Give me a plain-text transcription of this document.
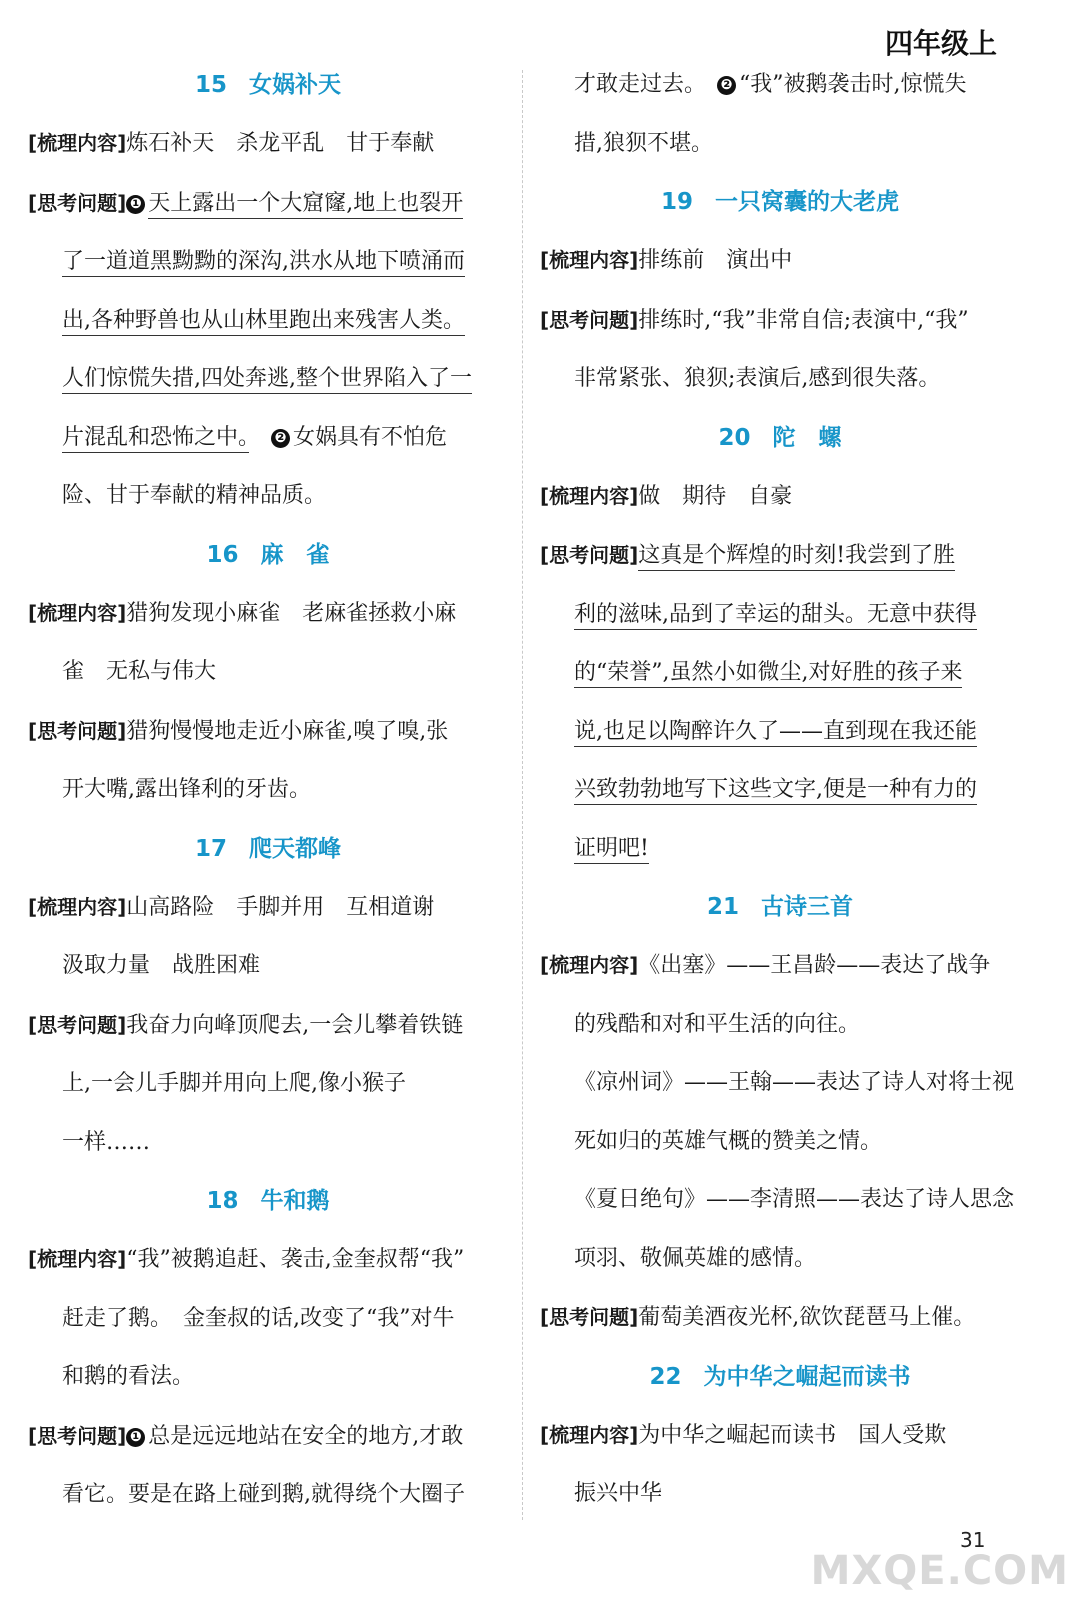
四年级上
15 女娲补天
[梳理内容]炼石补天　杀龙平乱　甘于奉献
[思考问题] ❶ 天上露出一个大窟窿,地上也裂开
了一道道黑黝黝的深沟,洪水从地下喷涌而
出,各种野兽也从山林里跑出来残害人类。
人们惊慌失措,四处奔逃,整个世界陷入了一
片混乱和恐怖之中。　 ❷ 女娲具有不怕危
险、甘于奉献的精神品质。
16 麻　雀
[梳理内容]猎狗发现小麻雀　老麻雀拯救小麻
雀　无私与伟大
[思考问题]猎狗慢慢地走近小麻雀,嗅了嗅,张
开大嘴,露出锋利的牙齿。
17 爬天都峰
[梳理内容]山高路险　手脚并用　互相道谢
汲取力量　战胜困难
[思考问题]我奋力向峰顶爬去,一会儿攀着铁链
上,一会儿手脚并用向上爬,像小猴子
一样……
18 牛和鹅
[梳理内容]“我”被鹅追赶、袭击,金奎叔帮“我”
赶走了鹅。　金奎叔的话,改变了“我”对牛
和鹅的看法。
[思考问题] ❶ 总是远远地站在安全的地方,才敢
看它。要是在路上碰到鹅,就得绕个大圈子
才敢走过去。　 ❷ “我”被鹅袭击时,惊慌失
措,狼狈不堪。
19 一只窝囊的大老虎
[梳理内容]排练前　演出中
[思考问题]排练时,“我”非常自信;表演中,“我”
非常紧张、狼狈;表演后,感到很失落。
20 陀　螺
[梳理内容]做　期待　自豪
[思考问题]这真是个辉煌的时刻!我尝到了胜
利的滋味,品到了幸运的甜头。无意中获得
的“荣誉”,虽然小如微尘,对好胜的孩子来
说,也足以陶醉许久了——直到现在我还能
兴致勃勃地写下这些文字,便是一种有力的
证明吧!
21 古诗三首
[梳理内容]《出塞》——王昌龄——表达了战争
的残酷和对和平生活的向往。
《凉州词》——王翰——表达了诗人对将士视
死如归的英雄气概的赞美之情。
《夏日绝句》——李清照——表达了诗人思念
项羽、敬佩英雄的感情。
[思考问题]葡萄美酒夜光杯,欲饮琵琶马上催。
22 为中华之崛起而读书
[梳理内容]为中华之崛起而读书　国人受欺
振兴中华
31
MXQE.COM
